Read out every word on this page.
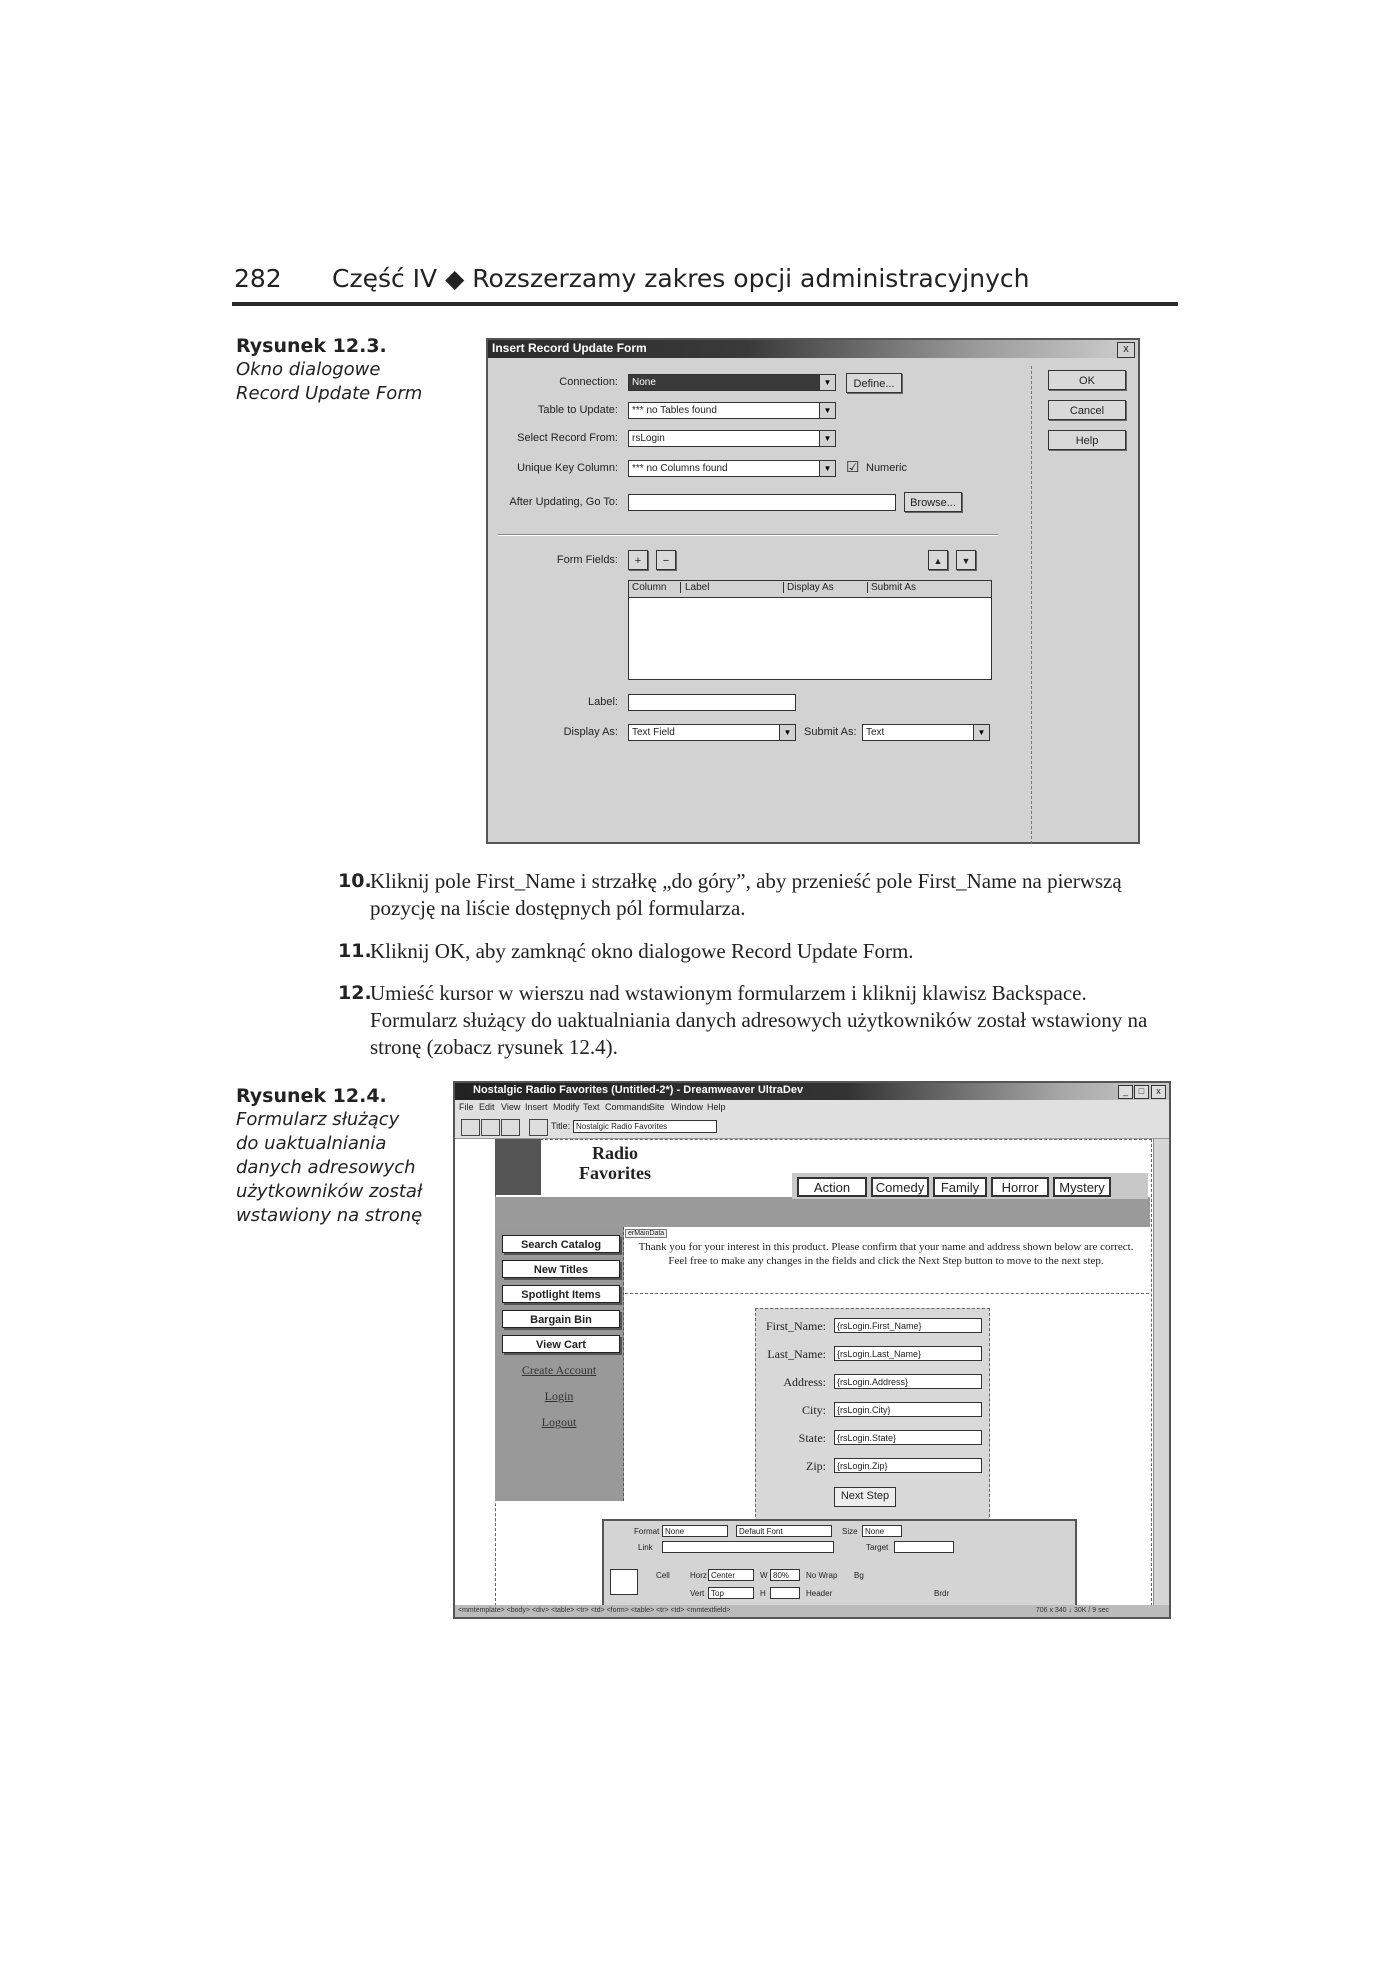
282 Część IV ◆ Rozszerzamy zakres opcji administracyjnych
Rysunek 12.3.
Okno dialogowe
Record Update Form
Insert Record Update Form	x
Connection:	None	▼	Define...
Table to Update:	*** no Tables found	▼
Select Record From:	rsLogin	▼
Unique Key Column:	*** no Columns found	▼ ☑ Numeric
After Updating, Go To:	Browse...
OK
Cancel
Help
Form Fields:	+	−	▲	▼
Column	Label	Display As	Submit As
Label:
Display As:	Text Field	▼	Submit As: Text	▼
10.
Kliknij pole First_Name i strzałkę „do góry”, aby przenieść pole First_Name na pierwszą pozycję na liście dostępnych pól formularza.
11.
Kliknij OK, aby zamknąć okno dialogowe Record Update Form.
12.
Umieść kursor w wierszu nad wstawionym formularzem i kliknij klawisz Backspace. Formularz służący do uaktualniania danych adresowych użytkowników został wstawiony na stronę (zobacz rysunek 12.4).
Rysunek 12.4.
Formularz służący
do uaktualniania
danych adresowych
użytkowników został
wstawiony na stronę
Nostalgic Radio Favorites (Untitled-2*) - Dreamweaver UltraDev	_	□	x
File Edit View Insert Modify Text Commands
Site Window Help
Title: Nostalgic Radio Favorites
Radio
Favorites
Action	Comedy	Family	Horror	Mystery
Search Catalog
New Titles
Spotlight Items
Bargain Bin
View Cart
Create Account
Login
Logout
erMainData
Thank you for your interest in this product. Please confirm that your name and address shown below are correct. Feel free to make any changes in the fields and click the Next Step button to move to the next step.
First_Name:	{rsLogin.First_Name}
Last_Name:	{rsLogin.Last_Name}
Address:	{rsLogin.Address}
City:	{rsLogin.City}
State:	{rsLogin.State}
Zip:	{rsLogin.Zip}
Next Step
Format None	Default Font	Size None
Link	Target
Cell	Horz Center	W 80%	No Wrap Bg
Vert Top	H	Header	Brdr
<mmtemplate> <body> <div> <table> <tr> <td> <form> <table> <tr> <td> <mmtextfield>	706 x 340 ↓ 30K / 9 sec
